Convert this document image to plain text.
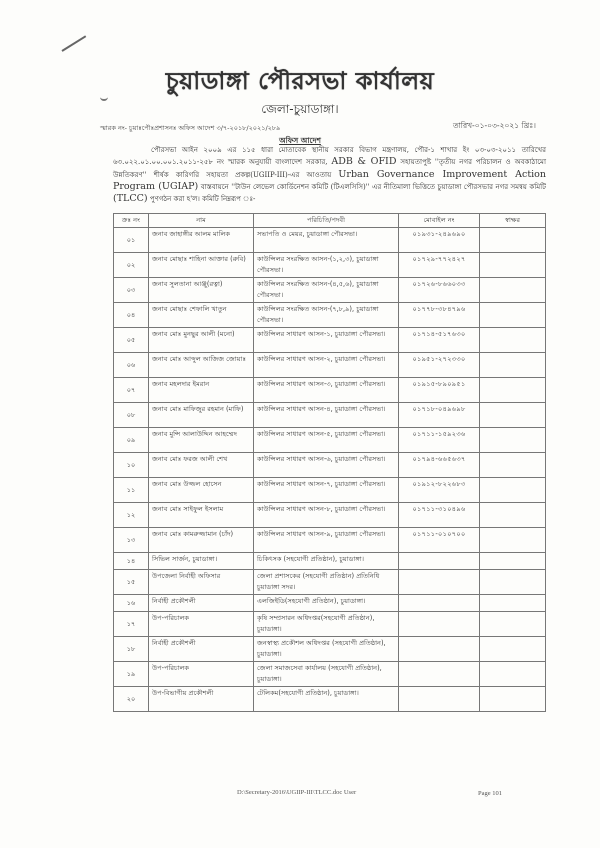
চুয়াডাঙ্গা পৌরসভা কার্যালয়
জেলা-চুয়াডাঙ্গা।
স্মারক নং- চুয়াঃপৌঃপ্রশাসনঃ অফিস আদেশ ৩/৭-২০১৮/২০২১/২৮৯	তারিখ-০১-০৩-২০২১ খ্রিঃ।
অফিস আদেশ
পৌরসভা আইন ২০০৯ এর ১১৫ ধারা মোতাবেক স্থানীয় সরকার বিভাগ মন্ত্রণালয়, পৌর-১ শাখার ইং ০৩-০৩-২০১১ তারিখের ৬৩.০২২.০১.০০.০০১.২০১১-২৫৮ নং স্মারক অনুযায়ী বাংলাদেশ সরকার, ADB & OFID সহায়তাপুষ্ট ''তৃতীয় নগর পরিচালন ও অবকাঠামো উন্নতিকরণ'' শীর্ষক কারিগরি সহায়তা প্রকল্প(UGIIP-III)-এর আওতায় Urban Governance Improvement Action Program (UGIAP) বাস্তবায়নে ''টাউন লেভেল কোর্ডিনেশন কমিটি (টিএলসিসি)'' এর নীতিমালা ভিত্তিতে চুয়াডাঙ্গা পৌরসভার নগর সমন্বয় কমিটি (TLCC) পুণগঠন করা হ'ল। কমিটি নিম্নরূপ ঃ-
ক্রঃ নং	নাম	পরিচিতি/পদবী	মোবাইল নং	স্বাক্ষর
০১	জনাব জাহাঙ্গীর আলম মালিক	সভাপতি ও মেয়র, চুয়াডাঙ্গা পৌরসভা।	০১৯৩১-২৪৯৬৯০	
০২	জনাব মোছাঃ শাহিনা আক্তার (রুবি)	কাউন্সিলর সংরক্ষিত আসন-(১,২,৩), চুয়াডাঙ্গা পৌরসভা।	০১৭২৯-৭৭২৪২৭	
০৩	জনাব সুলতানা আঞ্জু(রত্না)	কাউন্সিলর সংরক্ষিত আসন-(৪,৫,৬), চুয়াডাঙ্গা পৌরসভা।	০১৭২৬-৮৬৬০৩৩	
০৪	জনাব মোছাঃ শেফালি খাতুন	কাউন্সিলর সংরক্ষিত আসন-(৭,৮,৯), চুয়াডাঙ্গা পৌরসভা।	০১৭৭৮-৩৮৪৭৯৬	
০৫	জনাব মোঃ মুনছুর আলী (মনো)	কাউন্সিলর সাধারণ আসন-১, চুয়াডাঙ্গা পৌরসভা।	০১৭১৪-৫১৭৬৩০	
০৬	জনাব মোঃ আব্দুল আজিজ জোয়াঃ	কাউন্সিলর সাধারণ আসন-২, চুয়াডাঙ্গা পৌরসভা।	০১৯৫১-২৭২৩৩০	
০৭	জনাব মহলদার ইমরান	কাউন্সিলর সাধারণ আসন-৩, চুয়াডাঙ্গা পৌরসভা।	০১৯১৫-৮৯০৯৫১	
০৮	জনাব মোঃ মাফিজুর রহমান (মাফি)	কাউন্সিলর সাধারণ আসন-৪, চুয়াডাঙ্গা পৌরসভা।	০১৭১৮-০৪৯৬৯৮	
০৯	জনাব মুন্সি আলাউদ্দিন আহম্মেদ	কাউন্সিলর সাধারণ আসন-৫, চুয়াডাঙ্গা পৌরসভা।	০১৭১১-১৫৯২৩৬	
১০	জনাব মোঃ ফরজ আলী শেখ	কাউন্সিলর সাধারণ আসন-৬, চুয়াডাঙ্গা পৌরসভা।	০১৭৯৪-৬৬৫৬৩৭	
১১	জনাব মোঃ উজ্জল হোসেন	কাউন্সিলর সাধারণ আসন-৭, চুয়াডাঙ্গা পৌরসভা।	০১৯১২-৮২২৬৮৩	
১২	জনাব মোঃ সাইফুল ইসলাম	কাউন্সিলর সাধারণ আসন-৮, চুয়াডাঙ্গা পৌরসভা।	০১৭১১-৩১০৪৯৬	
১৩	জনাব মোঃ কামরুজ্জামান (চাঁদ)	কাউন্সিলর সাধারণ আসন-৯, চুয়াডাঙ্গা পৌরসভা।	০১৭১১-০১০৭০০	
১৪	সিভিল সার্জন, চুয়াডাঙ্গা।	চিকিৎসক (সহযোগী প্রতিষ্ঠান), চুয়াডাঙ্গা।		
১৫	উপজেলা নির্বাহী অফিসার	জেলা প্রশাসকের (সহযোগী প্রতিষ্ঠান) প্রতিনিধি চুয়াডাঙ্গা সদর।		
১৬	নির্বাহী প্রকৌশলী	এলজিইডি(সহযোগী প্রতিষ্ঠান), চুয়াডাঙ্গা।		
১৭	উপ-পরিচালক	কৃষি সম্প্রসারন অধিদপ্তর(সহযোগী প্রতিষ্ঠান), চুয়াডাঙ্গা।		
১৮	নির্বাহী প্রকৌশলী	জনস্বাস্থ্য প্রকৌশল অধিদপ্তর (সহযোগী প্রতিষ্ঠান), চুয়াডাঙ্গা।		
১৯	উপ-পরিচালক	জেলা সমাজসেবা কার্যালয় (সহযোগী প্রতিষ্ঠান), চুয়াডাঙ্গা।		
২০	উপ-বিভাগীয় প্রকৌশলী	টেলিকম(সহযোগী প্রতিষ্ঠান), চুয়াডাঙ্গা।		
D:\Secretary-2016\UGIIP-III\TLCC.doc User	Page 101
